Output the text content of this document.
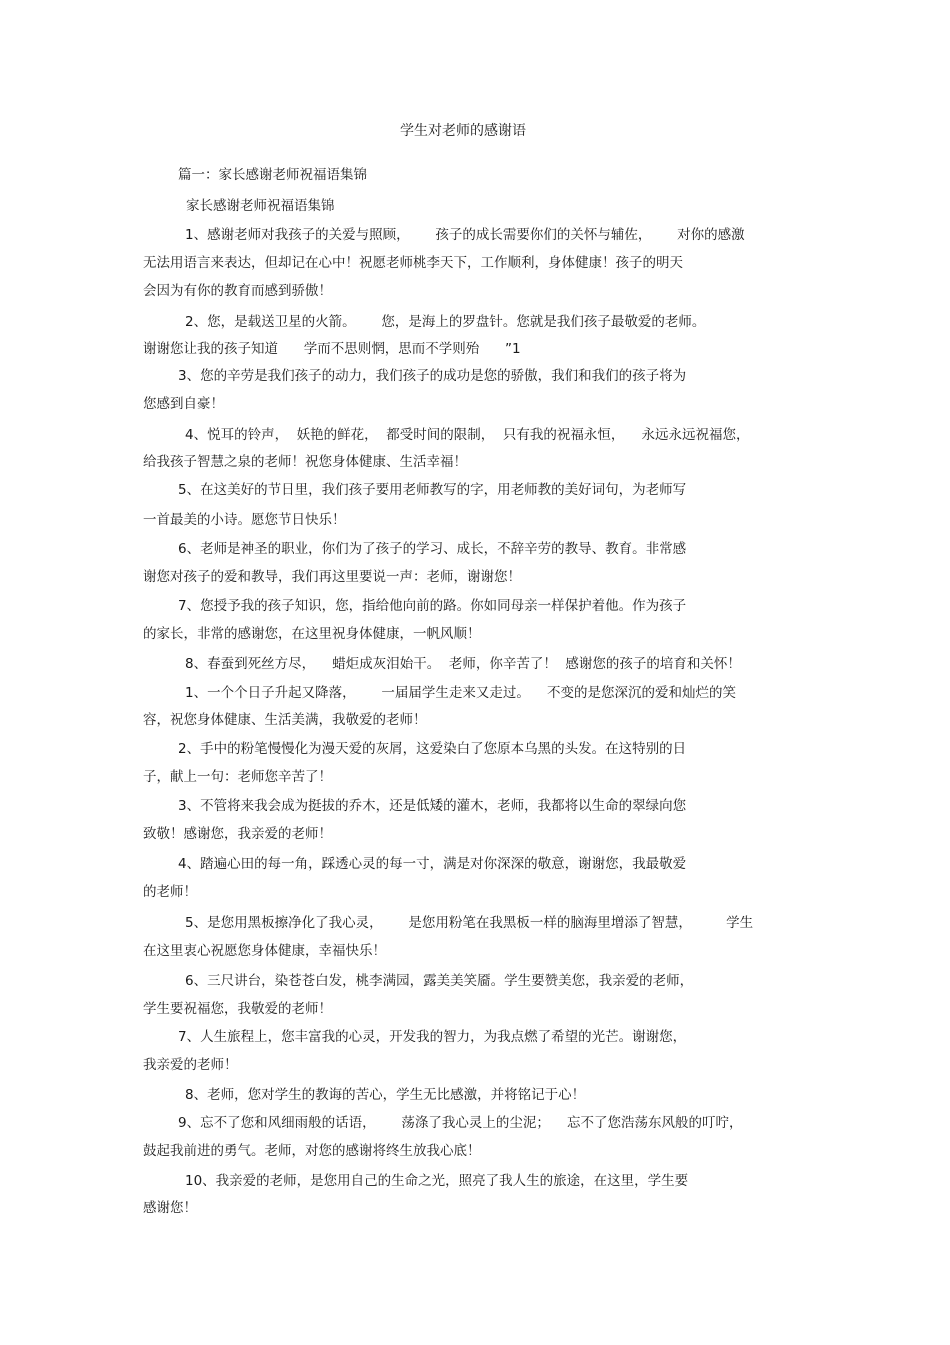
学生对老师的感谢语
篇一：家长感谢老师祝福语集锦
家长感谢老师祝福语集锦
1、感谢老师对我孩子的关爱与照顾，      孩子的成长需要你们的关怀与辅佐，      对你的感激
无法用语言来表达，但却记在心中！祝愿老师桃李天下，工作顺利，身体健康！孩子的明天
会因为有你的教育而感到骄傲！
2、您，是载送卫星的火箭。      您，是海上的罗盘针。您就是我们孩子最敬爱的老师。
谢谢您让我的孩子知道      学而不思则惘，思而不学则殆      ”1
3、您的辛劳是我们孩子的动力，我们孩子的成功是您的骄傲，我们和我们的孩子将为
您感到自豪！
4、悦耳的铃声，  妖艳的鲜花，  都受时间的限制，  只有我的祝福永恒，    永远永远祝福您，
给我孩子智慧之泉的老师！祝您身体健康、生活幸福！
5、在这美好的节日里，我们孩子要用老师教写的字，用老师教的美好词句，为老师写
一首最美的小诗。愿您节日快乐！
6、老师是神圣的职业，你们为了孩子的学习、成长，不辞辛劳的教导、教育。非常感
谢您对孩子的爱和教导，我们再这里要说一声：老师，谢谢您！
7、您授予我的孩子知识，您，指给他向前的路。你如同母亲一样保护着他。作为孩子
的家长，非常的感谢您，在这里祝身体健康，一帆风顺！
8、春蚕到死丝方尽，    蜡炬成灰泪始干。  老师，你辛苦了！  感谢您的孩子的培育和关怀！
1、一个个日子升起又降落，      一届届学生走来又走过。    不变的是您深沉的爱和灿烂的笑
容，祝您身体健康、生活美满，我敬爱的老师！
2、手中的粉笔慢慢化为漫天爱的灰屑，这爱染白了您原本乌黑的头发。在这特别的日
子，献上一句：老师您辛苦了！
3、不管将来我会成为挺拔的乔木，还是低矮的灌木，老师，我都将以生命的翠绿向您
致敬！感谢您，我亲爱的老师！
4、踏遍心田的每一角，踩透心灵的每一寸，满是对你深深的敬意，谢谢您，我最敬爱
的老师！
5、是您用黑板擦净化了我心灵，      是您用粉笔在我黑板一样的脑海里增添了智慧，        学生
在这里衷心祝愿您身体健康，幸福快乐！
6、三尺讲台，染苍苍白发，桃李满园，露美美笑靥。学生要赞美您，我亲爱的老师，
学生要祝福您，我敬爱的老师！
7、人生旅程上，您丰富我的心灵，开发我的智力，为我点燃了希望的光芒。谢谢您，
我亲爱的老师！
8、老师，您对学生的教诲的苦心，学生无比感激，并将铭记于心！
9、忘不了您和风细雨般的话语，      荡涤了我心灵上的尘泥；    忘不了您浩荡东风般的叮咛，
鼓起我前进的勇气。老师，对您的感谢将终生放我心底！
10、我亲爱的老师，是您用自己的生命之光，照亮了我人生的旅途，在这里，学生要
感谢您！
